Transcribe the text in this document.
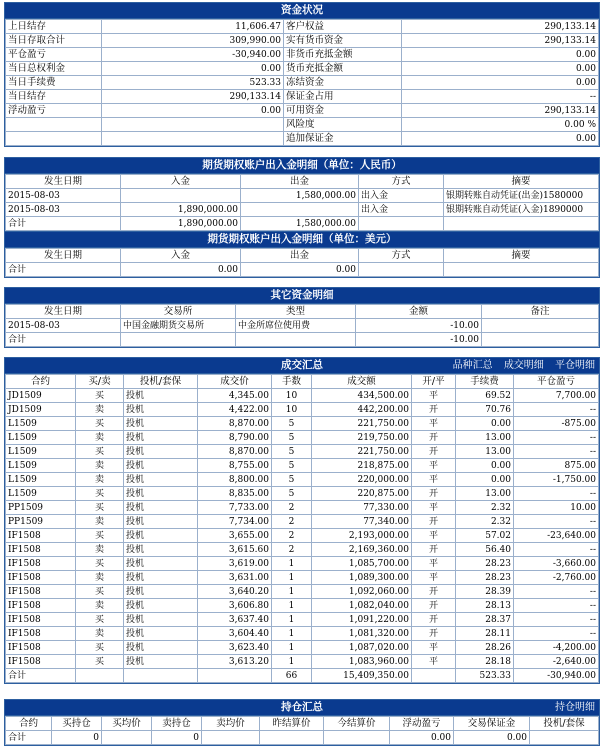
资金状况
上日结存	11,606.47	客户权益	290,133.14
当日存取合计	309,990.00	实有货币资金	290,133.14
平仓盈亏	-30,940.00	非货币充抵金额	0.00
当日总权利金	0.00	货币充抵金额	0.00
当日手续费	523.33	冻结资金	0.00
当日结存	290,133.14	保证金占用	--
浮动盈亏	0.00	可用资金	290,133.14
		风险度	0.00 %
		追加保证金	0.00
期货期权账户出入金明细（单位：人民币）
发生日期	入金	出金	方式	摘要
2015-08-03		1,580,000.00	出入金	银期转账自动凭证(出金)1580000
2015-08-03	1,890,000.00		出入金	银期转账自动凭证(入金)1890000
合计	1,890,000.00	1,580,000.00		
期货期权账户出入金明细（单位：美元）
发生日期	入金	出金	方式	摘要
合计	0.00	0.00		
其它资金明细
发生日期	交易所	类型	金额	备注
2015-08-03	中国金融期货交易所	中金所席位使用费	-10.00	
合计			-10.00	
成交汇总	品种汇总 成交明细 平仓明细
合约	买/卖	投机/套保	成交价	手数	成交额	开/平	手续费	平仓盈亏
JD1509	买	投机	4,345.00	10	434,500.00	平	69.52	7,700.00
JD1509	卖	投机	4,422.00	10	442,200.00	开	70.76	--
L1509	买	投机	8,870.00	5	221,750.00	平	0.00	-875.00
L1509	卖	投机	8,790.00	5	219,750.00	开	13.00	--
L1509	买	投机	8,870.00	5	221,750.00	开	13.00	--
L1509	卖	投机	8,755.00	5	218,875.00	平	0.00	875.00
L1509	卖	投机	8,800.00	5	220,000.00	平	0.00	-1,750.00
L1509	买	投机	8,835.00	5	220,875.00	开	13.00	--
PP1509	买	投机	7,733.00	2	77,330.00	平	2.32	10.00
PP1509	卖	投机	7,734.00	2	77,340.00	开	2.32	--
IF1508	买	投机	3,655.00	2	2,193,000.00	平	57.02	-23,640.00
IF1508	卖	投机	3,615.60	2	2,169,360.00	开	56.40	--
IF1508	买	投机	3,619.00	1	1,085,700.00	平	28.23	-3,660.00
IF1508	卖	投机	3,631.00	1	1,089,300.00	平	28.23	-2,760.00
IF1508	买	投机	3,640.20	1	1,092,060.00	开	28.39	--
IF1508	卖	投机	3,606.80	1	1,082,040.00	开	28.13	--
IF1508	买	投机	3,637.40	1	1,091,220.00	开	28.37	--
IF1508	卖	投机	3,604.40	1	1,081,320.00	开	28.11	--
IF1508	买	投机	3,623.40	1	1,087,020.00	平	28.26	-4,200.00
IF1508	买	投机	3,613.20	1	1,083,960.00	平	28.18	-2,640.00
合计				66	15,409,350.00		523.33	-30,940.00
持仓汇总	持仓明细
合约	买持仓	买均价	卖持仓	卖均价	昨结算价	今结算价	浮动盈亏	交易保证金	投机/套保
合计	0		0				0.00	0.00	
